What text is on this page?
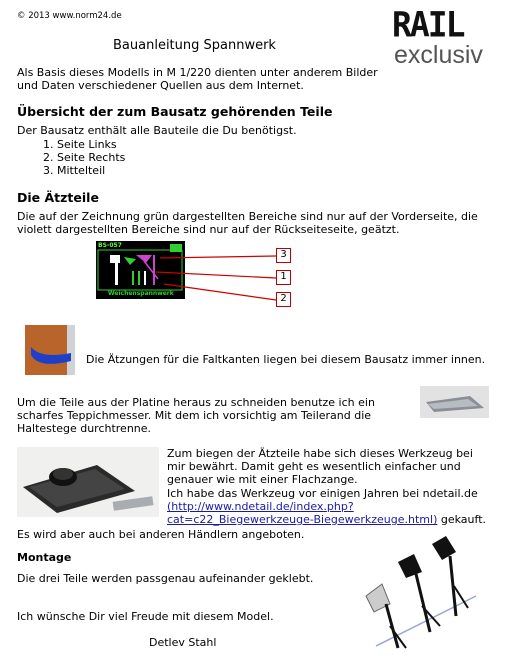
© 2013 www.norm24.de	RAIL
exclusiv
Bauanleitung Spannwerk
Als Basis dieses Modells in M 1/220 dienten unter anderem Bilder und Daten verschiedener Quellen aus dem Internet.
Übersicht der zum Bausatz gehörenden Teile
Der Bausatz enthält alle Bauteile die Du benötigst.
1. Seite Links
2. Seite Rechts
3. Mittelteil
Die Ätzteile
Die auf der Zeichnung grün dargestellten Bereiche sind nur auf der Vorderseite, die violett dargestellten Bereiche sind nur auf der Rückseiteseite, geätzt.
BS-057
Weichenspannwerk
3
1
2
Die Ätzungen für die Faltkanten liegen bei diesem Bausatz immer innen.
Um die Teile aus der Platine heraus zu schneiden benutze ich ein scharfes Teppichmesser. Mit dem ich vorsichtig am Teilerand die Haltestege durchtrenne.
Zum biegen der Ätzteile habe sich dieses Werkzeug bei mir bewährt. Damit geht es wesentlich einfacher und genauer wie mit einer Flachzange.
Ich habe das Werkzeug vor einigen Jahren bei ndetail.de
(http://www.ndetail.de/index.php?cat=c22_Biegewerkzeuge-Biegewerkzeuge.html) gekauft.
Es wird aber auch bei anderen Händlern angeboten.
Montage
Die drei Teile werden passgenau aufeinander geklebt.
Ich wünsche Dir viel Freude mit diesem Model.
Detlev Stahl
